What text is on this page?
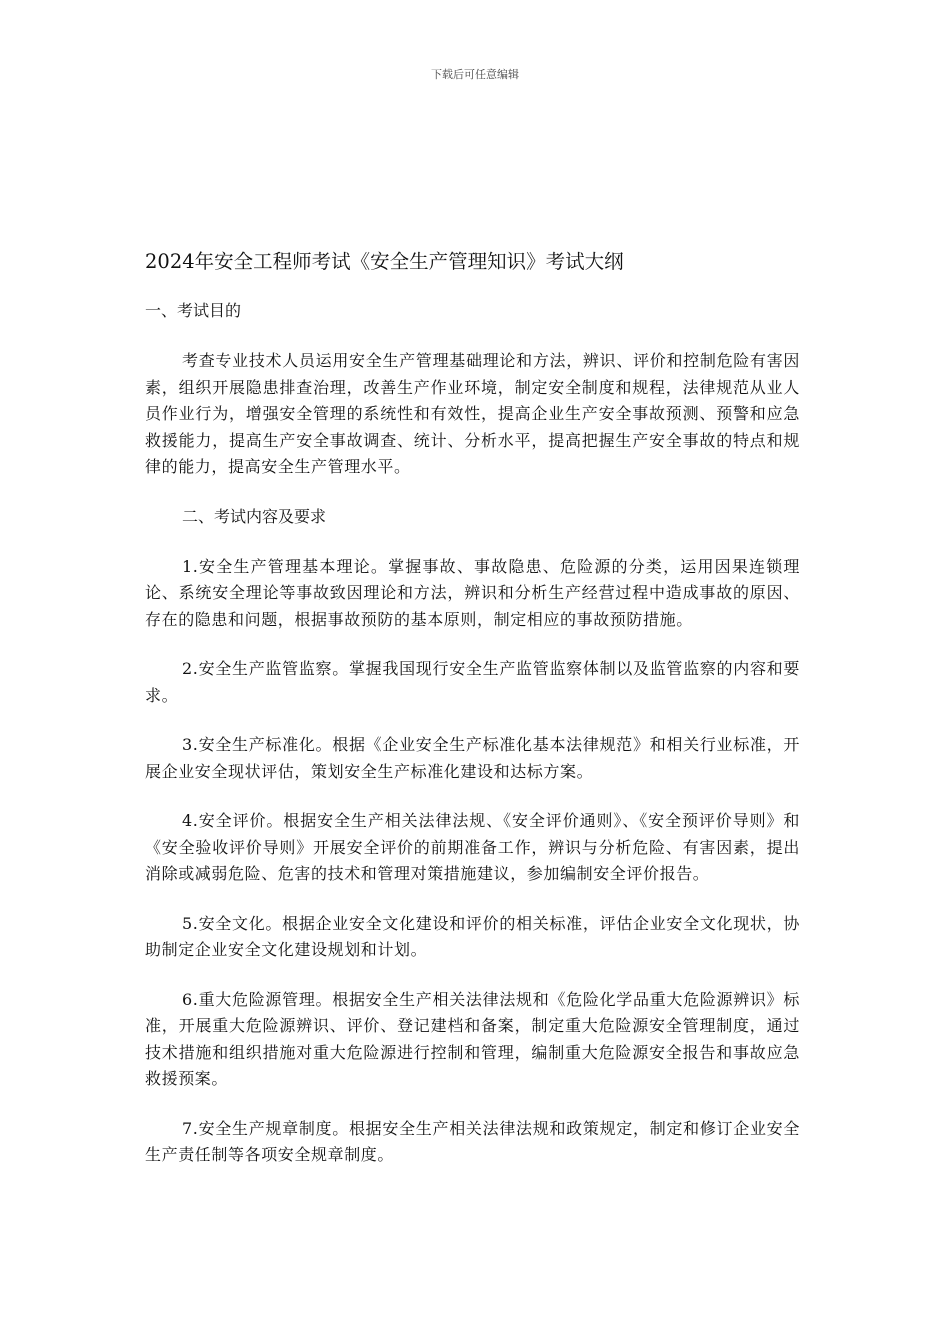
下载后可任意编辑
2024年安全工程师考试《安全生产管理知识》考试大纲
一、考试目的

考查专业技术人员运用安全生产管理基础理论和方法，辨识、评价和控制危险有害因素，组织开展隐患排查治理，改善生产作业环境，制定安全制度和规程，法律规范从业人员作业行为，增强安全管理的系统性和有效性，提高企业生产安全事故预测、预警和应急救援能力，提高生产安全事故调查、统计、分析水平，提高把握生产安全事故的特点和规律的能力，提高安全生产管理水平。

二、考试内容及要求

1.安全生产管理基本理论。掌握事故、事故隐患、危险源的分类，运用因果连锁理论、系统安全理论等事故致因理论和方法，辨识和分析生产经营过程中造成事故的原因、存在的隐患和问题，根据事故预防的基本原则，制定相应的事故预防措施。

2.安全生产监管监察。掌握我国现行安全生产监管监察体制以及监管监察的内容和要求。

3.安全生产标准化。根据《企业安全生产标准化基本法律规范》和相关行业标准，开展企业安全现状评估，策划安全生产标准化建设和达标方案。

4.安全评价。根据安全生产相关法律法规、《安全评价通则》、《安全预评价导则》和《安全验收评价导则》开展安全评价的前期准备工作，辨识与分析危险、有害因素，提出消除或减弱危险、危害的技术和管理对策措施建议，参加编制安全评价报告。

5.安全文化。根据企业安全文化建设和评价的相关标准，评估企业安全文化现状，协助制定企业安全文化建设规划和计划。

6.重大危险源管理。根据安全生产相关法律法规和《危险化学品重大危险源辨识》标准，开展重大危险源辨识、评价、登记建档和备案，制定重大危险源安全管理制度，通过技术措施和组织措施对重大危险源进行控制和管理，编制重大危险源安全报告和事故应急救援预案。

7.安全生产规章制度。根据安全生产相关法律法规和政策规定，制定和修订企业安全生产责任制等各项安全规章制度。
